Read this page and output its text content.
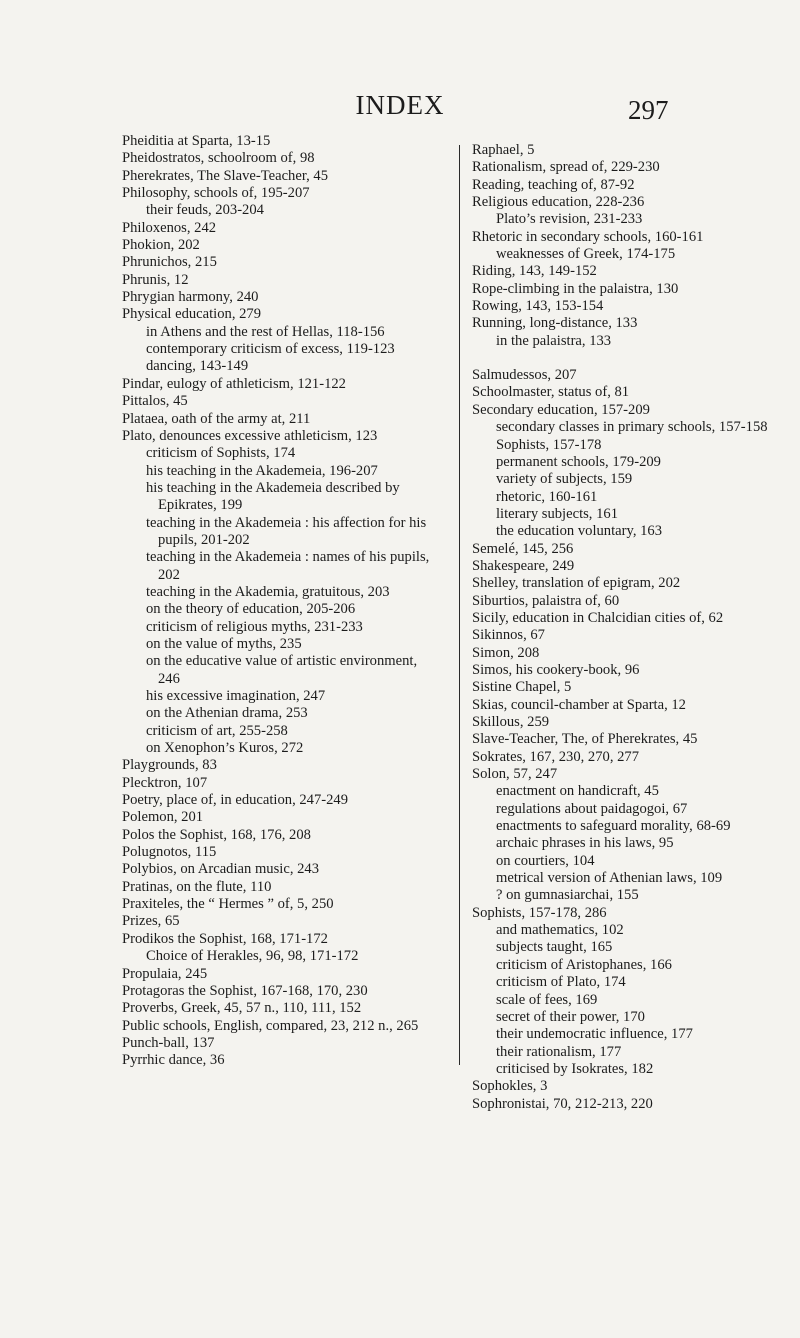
INDEX	297
Pheiditia at Sparta, 13-15
Pheidostratos, schoolroom of, 98
Pherekrates, The Slave-Teacher, 45
Philosophy, schools of, 195-207
their feuds, 203-204
Philoxenos, 242
Phokion, 202
Phrunichos, 215
Phrunis, 12
Phrygian harmony, 240
Physical education, 279
in Athens and the rest of Hellas, 118-156
contemporary criticism of excess, 119-123
dancing, 143-149
Pindar, eulogy of athleticism, 121-122
Pittalos, 45
Plataea, oath of the army at, 211
Plato, denounces excessive athleticism, 123
criticism of Sophists, 174
his teaching in the Akademeia, 196-207
his teaching in the Akademeia described by Epikrates, 199
teaching in the Akademeia : his affection for his pupils, 201-202
teaching in the Akademeia : names of his pupils, 202
teaching in the Akademia, gratuitous, 203
on the theory of education, 205-206
criticism of religious myths, 231-233
on the value of myths, 235
on the educative value of artistic environment, 246
his excessive imagination, 247
on the Athenian drama, 253
criticism of art, 255-258
on Xenophon’s Kuros, 272
Playgrounds, 83
Plecktron, 107
Poetry, place of, in education, 247-249
Polemon, 201
Polos the Sophist, 168, 176, 208
Polugnotos, 115
Polybios, on Arcadian music, 243
Pratinas, on the flute, 110
Praxiteles, the “ Hermes ” of, 5, 250
Prizes, 65
Prodikos the Sophist, 168, 171-172
Choice of Herakles, 96, 98, 171-172
Propulaia, 245
Protagoras the Sophist, 167-168, 170, 230
Proverbs, Greek, 45, 57 n., 110, 111, 152
Public schools, English, compared, 23, 212 n., 265
Punch-ball, 137
Pyrrhic dance, 36
Raphael, 5
Rationalism, spread of, 229-230
Reading, teaching of, 87-92
Religious education, 228-236
Plato’s revision, 231-233
Rhetoric in secondary schools, 160-161
weaknesses of Greek, 174-175
Riding, 143, 149-152
Rope-climbing in the palaistra, 130
Rowing, 143, 153-154
Running, long-distance, 133
in the palaistra, 133
Salmudessos, 207
Schoolmaster, status of, 81
Secondary education, 157-209
secondary classes in primary schools, 157-158
Sophists, 157-178
permanent schools, 179-209
variety of subjects, 159
rhetoric, 160-161
literary subjects, 161
the education voluntary, 163
Semelé, 145, 256
Shakespeare, 249
Shelley, translation of epigram, 202
Siburtios, palaistra of, 60
Sicily, education in Chalcidian cities of, 62
Sikinnos, 67
Simon, 208
Simos, his cookery-book, 96
Sistine Chapel, 5
Skias, council-chamber at Sparta, 12
Skillous, 259
Slave-Teacher, The, of Pherekrates, 45
Sokrates, 167, 230, 270, 277
Solon, 57, 247
enactment on handicraft, 45
regulations about paidagogoi, 67
enactments to safeguard morality, 68-69
archaic phrases in his laws, 95
on courtiers, 104
metrical version of Athenian laws, 109
? on gumnasiarchai, 155
Sophists, 157-178, 286
and mathematics, 102
subjects taught, 165
criticism of Aristophanes, 166
criticism of Plato, 174
scale of fees, 169
secret of their power, 170
their undemocratic influence, 177
their rationalism, 177
criticised by Isokrates, 182
Sophokles, 3
Sophronistai, 70, 212-213, 220
